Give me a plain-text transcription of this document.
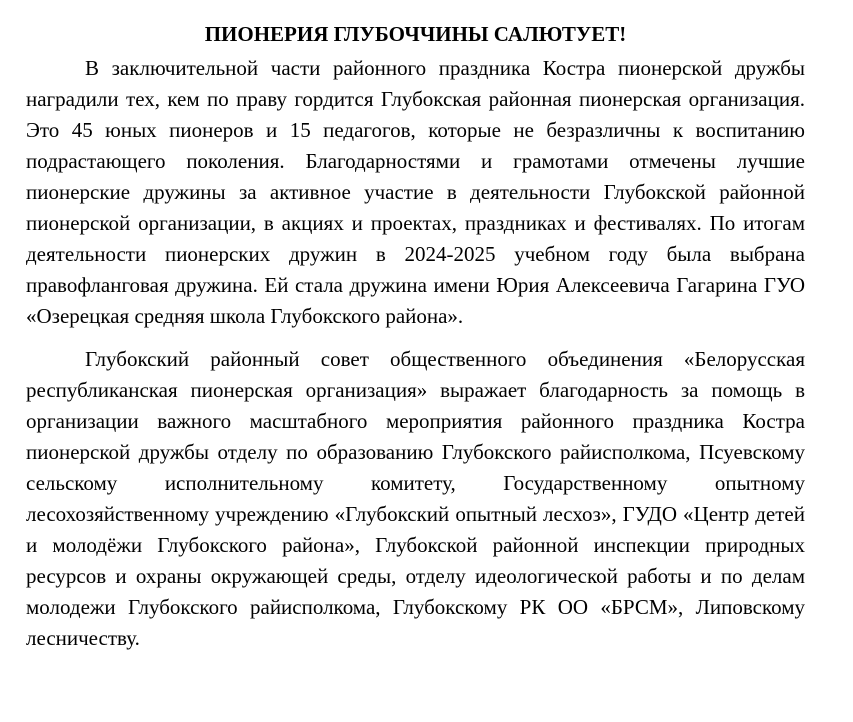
ПИОНЕРИЯ ГЛУБОЧЧИНЫ САЛЮТУЕТ!

В заключительной части районного праздника Костра пионерской дружбы наградили тех, кем по праву гордится Глубокская районная пионерская организация. Это 45 юных пионеров и 15 педагогов, которые не безразличны к воспитанию подрастающего поколения. Благодарностями и грамотами отмечены лучшие пионерские дружины за активное участие в деятельности Глубокской районной пионерской организации, в акциях и проектах, праздниках и фестивалях. По итогам деятельности пионерских дружин в 2024-2025 учебном году была выбрана правофланговая дружина. Ей стала дружина имени Юрия Алексеевича Гагарина ГУО «Озерецкая средняя школа Глубокского района».

Глубокский районный совет общественного объединения «Белорусская республиканская пионерская организация» выражает благодарность за помощь в организации важного масштабного мероприятия районного праздника Костра пионерской дружбы отделу по образованию Глубокского райисполкома, Псуевскому сельскому исполнительному комитету, Государственному опытному лесохозяйственному учреждению «Глубокский опытный лесхоз», ГУДО «Центр детей и молодёжи Глубокского района», Глубокской районной инспекции природных ресурсов и охраны окружающей среды, отделу идеологической работы и по делам молодежи Глубокского райисполкома, Глубокскому РК ОО «БРСМ», Липовскому лесничеству.
